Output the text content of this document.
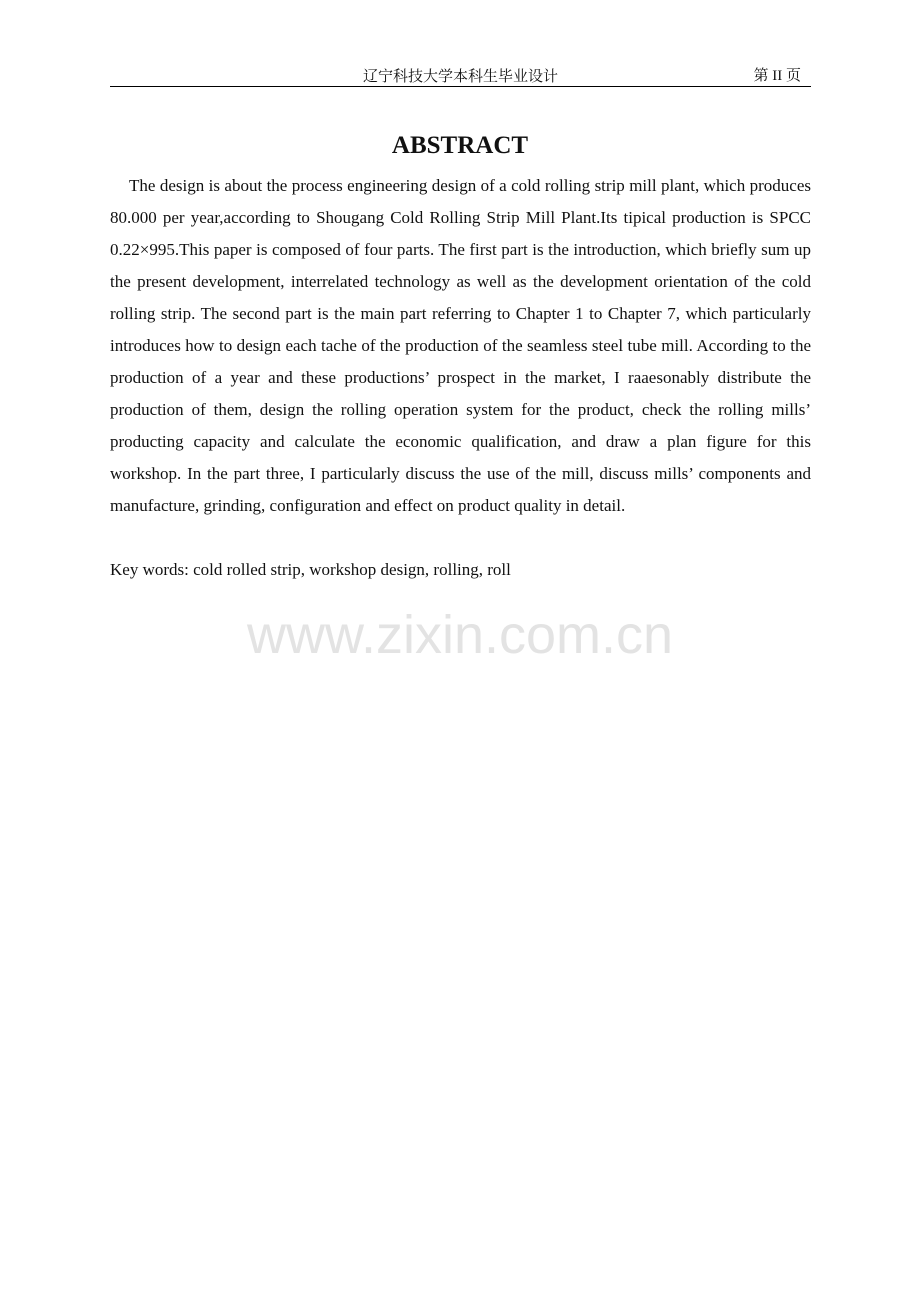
辽宁科技大学本科生毕业设计	第 II 页
ABSTRACT
The design is about the process engineering design of a cold rolling strip mill plant, which produces 80.000 per year,according to Shougang Cold Rolling Strip Mill Plant.Its tipical production is SPCC 0.22×995.This paper is composed of four parts. The first part is the introduction, which briefly sum up the present development, interrelated technology as well as the development orientation of the cold rolling strip. The second part is the main part referring to Chapter 1 to Chapter 7, which particularly introduces how to design each tache of the production of the seamless steel tube mill. According to the production of a year and these productions’ prospect in the market, I raaesonably distribute the production of them, design the rolling operation system for the product, check the rolling mills’ producting capacity and calculate the economic qualification, and draw a plan figure for this workshop. In the part three, I particularly discuss the use of the mill, discuss mills’ components and manufacture, grinding, configuration and effect on product quality in detail.
Key words: cold rolled strip, workshop design, rolling, roll
www.zixin.com.cn
